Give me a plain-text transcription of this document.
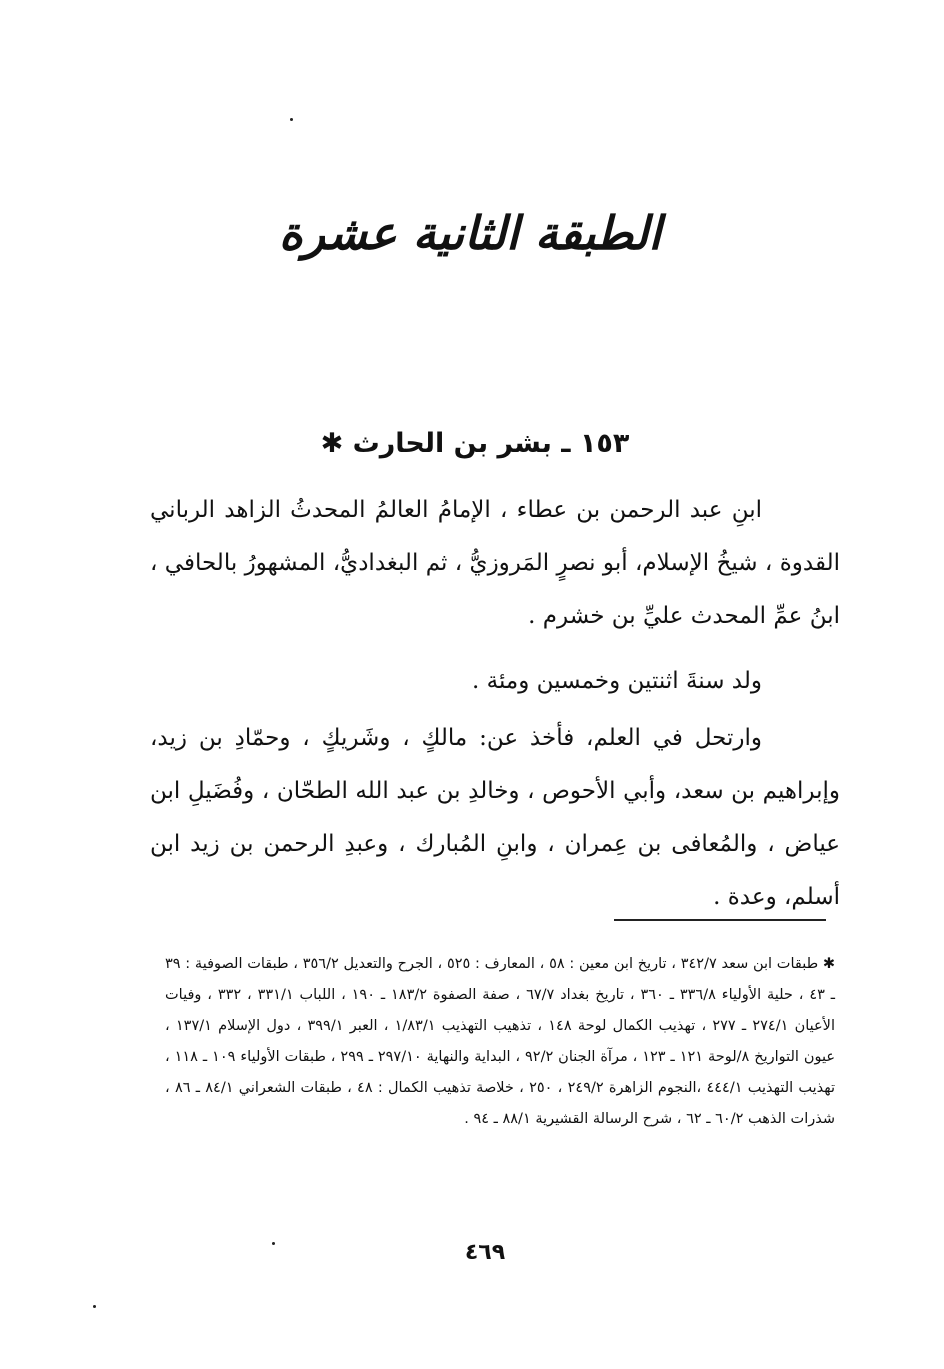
الطبقة الثانية عشرة
١٥٣ ـ بشر بن الحارث ✱
ابنِ عبد الرحمن بن عطاء ، الإمامُ العالمُ المحدثُ الزاهد الرباني القدوة ، شيخُ الإسلام، أبو نصرٍ المَروزيُّ ، ثم البغداديُّ، المشهورُ بالحافي ، ابنُ عمِّ المحدث عليِّ بن خشرم .
ولد سنةَ اثنتين وخمسين ومئة .
وارتحل في العلم، فأخذ عن: مالكٍ ، وشَريكٍ ، وحمّادِ بن زيد، وإبراهيم بن سعد، وأبي الأحوص ، وخالدِ بن عبد الله الطحّان ، وفُضَيلِ ابن عياض ، والمُعافى بن عِمران ، وابنِ المُبارك ، وعبدِ الرحمن بن زيد ابن أسلم، وعدة .
✱ طبقات ابن سعد ٣٤٢/٧ ، تاريخ ابن معين : ٥٨ ، المعارف : ٥٢٥ ، الجرح والتعديل ٣٥٦/٢ ، طبقات الصوفية : ٣٩ ـ ٤٣ ، حلية الأولياء ٣٣٦/٨ ـ ٣٦٠ ، تاريخ بغداد ٦٧/٧ ، صفة الصفوة ١٨٣/٢ ـ ١٩٠ ، اللباب ٣٣١/١ ، ٣٣٢ ، وفيات الأعيان ٢٧٤/١ ـ ٢٧٧ ، تهذيب الكمال لوحة ١٤٨ ، تذهيب التهذيب ١/٨٣/١ ، العبر ٣٩٩/١ ، دول الإسلام ١٣٧/١ ، عيون التواريخ ٨/لوحة ١٢١ ـ ١٢٣ ، مرآة الجنان ٩٢/٢ ، البداية والنهاية ٢٩٧/١٠ ـ ٢٩٩ ، طبقات الأولياء ١٠٩ ـ ١١٨ ، تهذيب التهذيب ٤٤٤/١ ،النجوم الزاهرة ٢٤٩/٢ ، ٢٥٠ ، خلاصة تذهيب الكمال : ٤٨ ، طبقات الشعراني ٨٤/١ ـ ٨٦ ، شذرات الذهب ٦٠/٢ ـ ٦٢ ، شرح الرسالة القشيرية ٨٨/١ ـ ٩٤ .
٤٦٩
